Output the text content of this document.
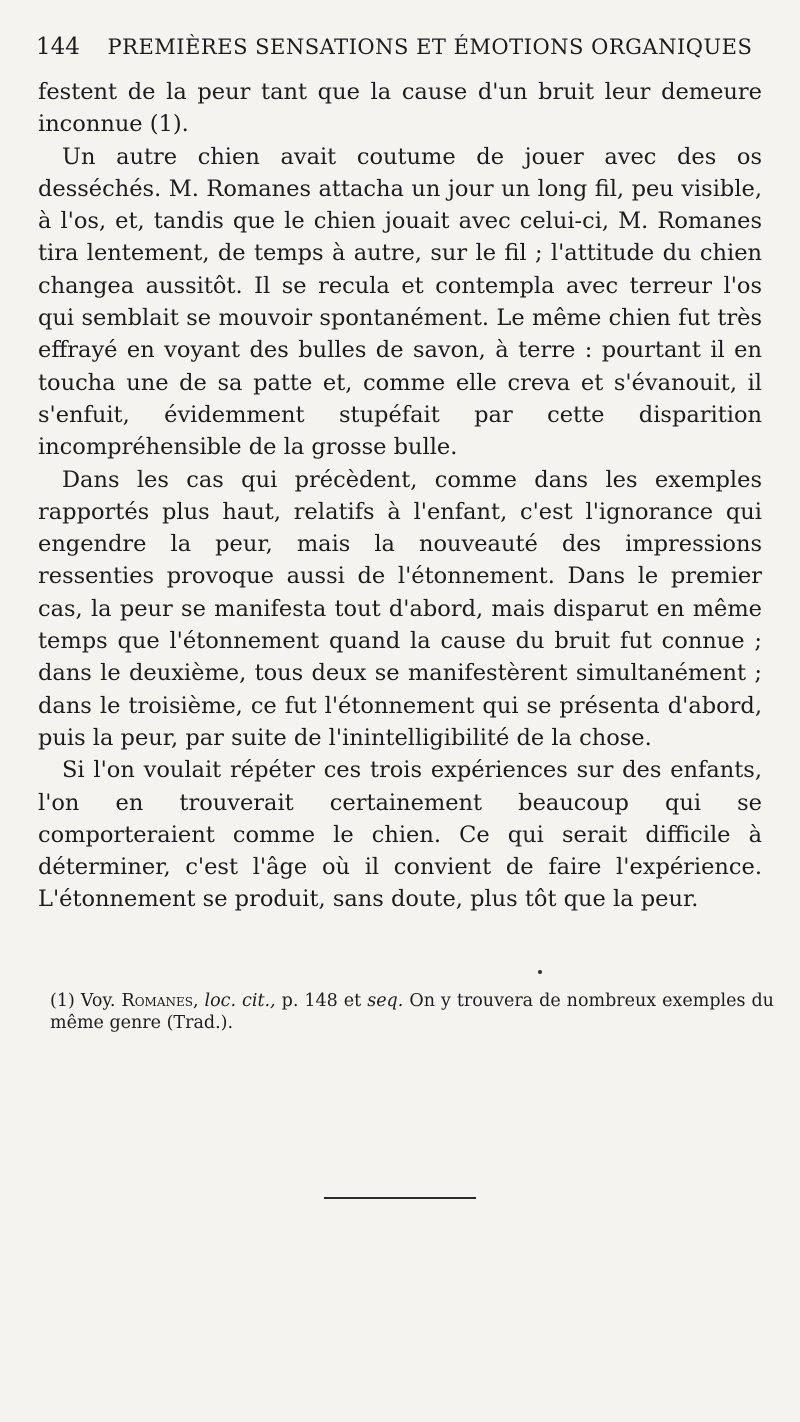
144	PREMIÈRES SENSATIONS ET ÉMOTIONS ORGANIQUES

festent de la peur tant que la cause d'un bruit leur demeure inconnue (1).

Un autre chien avait coutume de jouer avec des os desséchés. M. Romanes attacha un jour un long fil, peu visible, à l'os, et, tandis que le chien jouait avec celui-ci, M. Romanes tira lentement, de temps à autre, sur le fil ; l'attitude du chien changea aussitôt. Il se recula et contempla avec terreur l'os qui semblait se mouvoir spontanément. Le même chien fut très effrayé en voyant des bulles de savon, à terre : pourtant il en toucha une de sa patte et, comme elle creva et s'évanouit, il s'enfuit, évidemment stupéfait par cette disparition incompréhensible de la grosse bulle.

Dans les cas qui précèdent, comme dans les exemples rapportés plus haut, relatifs à l'enfant, c'est l'ignorance qui engendre la peur, mais la nouveauté des impressions ressenties provoque aussi de l'étonnement. Dans le premier cas, la peur se manifesta tout d'abord, mais disparut en même temps que l'étonnement quand la cause du bruit fut connue ; dans le deuxième, tous deux se manifestèrent simultanément ; dans le troisième, ce fut l'étonnement qui se présenta d'abord, puis la peur, par suite de l'inintelligibilité de la chose.

Si l'on voulait répéter ces trois expériences sur des enfants, l'on en trouverait certainement beaucoup qui se comporteraient comme le chien. Ce qui serait difficile à déterminer, c'est l'âge où il convient de faire l'expérience. L'étonnement se produit, sans doute, plus tôt que la peur.

(1) Voy. Romanes, loc. cit., p. 148 et seq. On y trouvera de nombreux exemples du même genre (Trad.).
